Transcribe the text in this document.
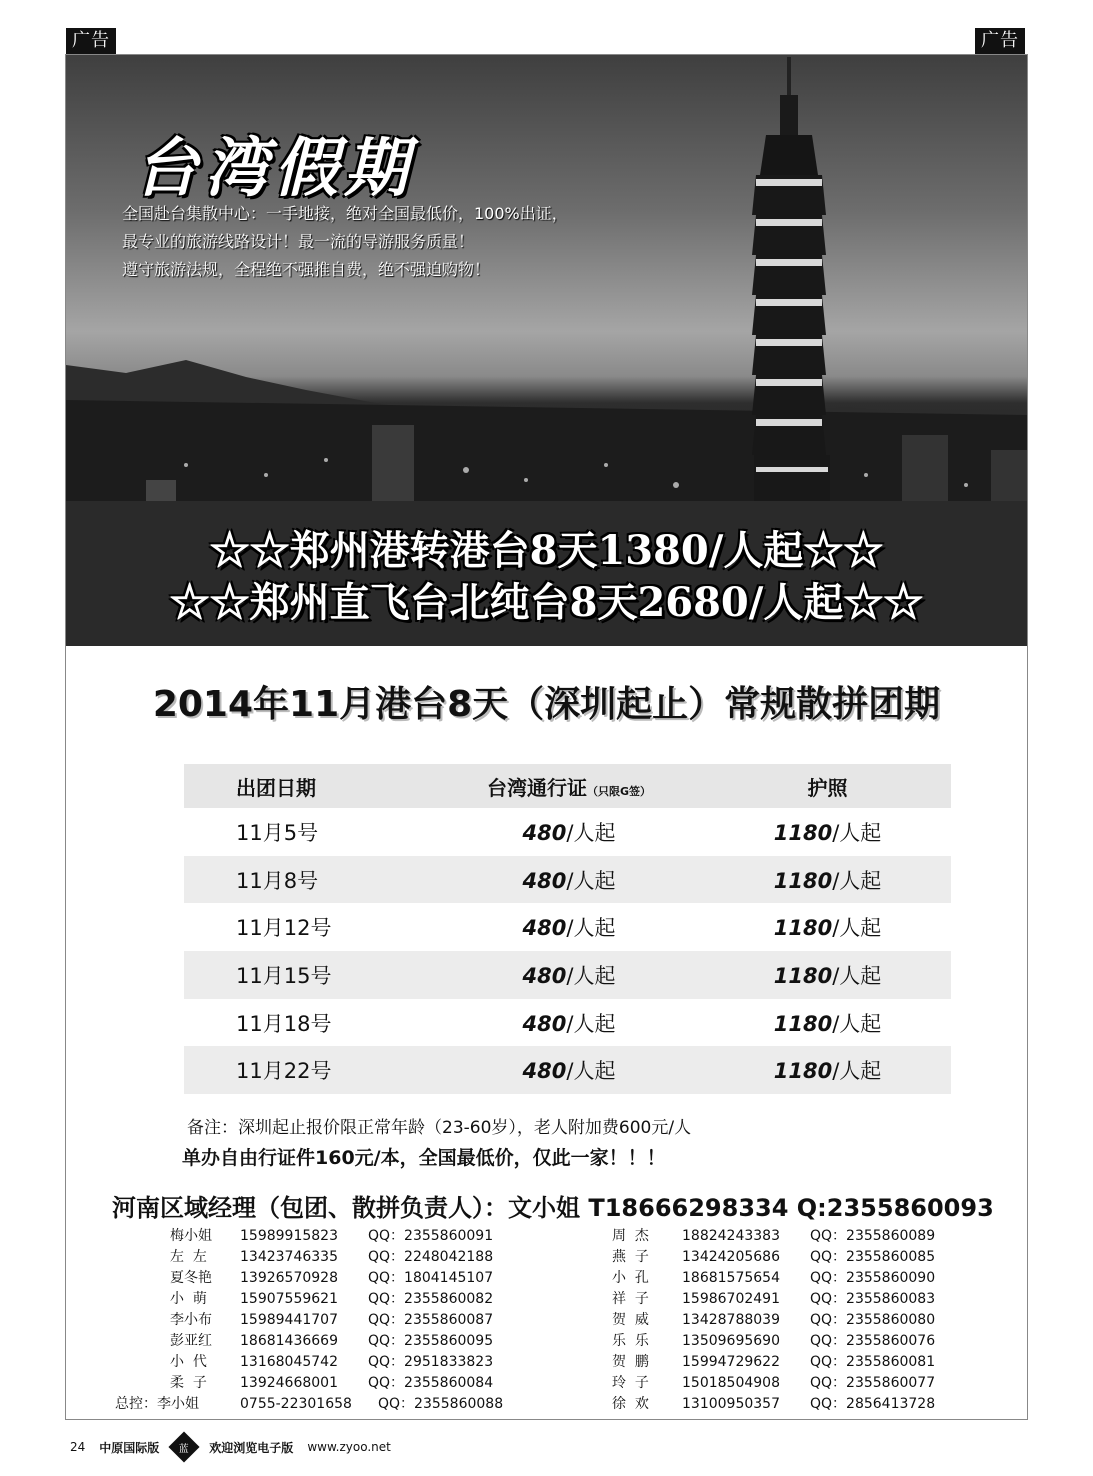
广告	广告
台湾假期
全国赴台集散中心：一手地接，绝对全国最低价，100%出证，
最专业的旅游线路设计！最一流的导游服务质量！
遵守旅游法规，全程绝不强推自费，绝不强迫购物！
☆☆郑州港转港台8天1380/人起☆☆
☆☆郑州直飞台北纯台8天2680/人起☆☆
2014年11月港台8天（深圳起止）常规散拼团期
出团日期	台湾通行证（只限G签）	护照
11月5号	480/人起	1180/人起
11月8号	480/人起	1180/人起
11月12号	480/人起	1180/人起
11月15号	480/人起	1180/人起
11月18号	480/人起	1180/人起
11月22号	480/人起	1180/人起
备注：深圳起止报价限正常年龄（23-60岁），老人附加费600元/人
单办自由行证件160元/本，全国最低价，仅此一家！！！
河南区域经理（包团、散拼负责人）：文小姐 T18666298334 Q:2355860093
梅小姐	15989915823	QQ：2355860091
左  左	13423746335	QQ：2248042188
夏冬艳	13926570928	QQ：1804145107
小  萌	15907559621	QQ：2355860082
李小布	15989441707	QQ：2355860087
彭亚红	18681436669	QQ：2355860095
小  代	13168045742	QQ：2951833823
柔  子	13924668001	QQ：2355860084
总控：李小姐	0755-22301658	QQ：2355860088
周  杰	18824243383	QQ：2355860089
燕  子	13424205686	QQ：2355860085
小  孔	18681575654	QQ：2355860090
祥  子	15986702491	QQ：2355860083
贺  威	13428788039	QQ：2355860080
乐  乐	13509695690	QQ：2355860076
贺  鹏	15994729622	QQ：2355860081
玲  子	15018504908	QQ：2355860077
徐  欢	13100950357	QQ：2856413728
24 中原国际版 蓝 欢迎浏览电子版 www.zyoo.net
